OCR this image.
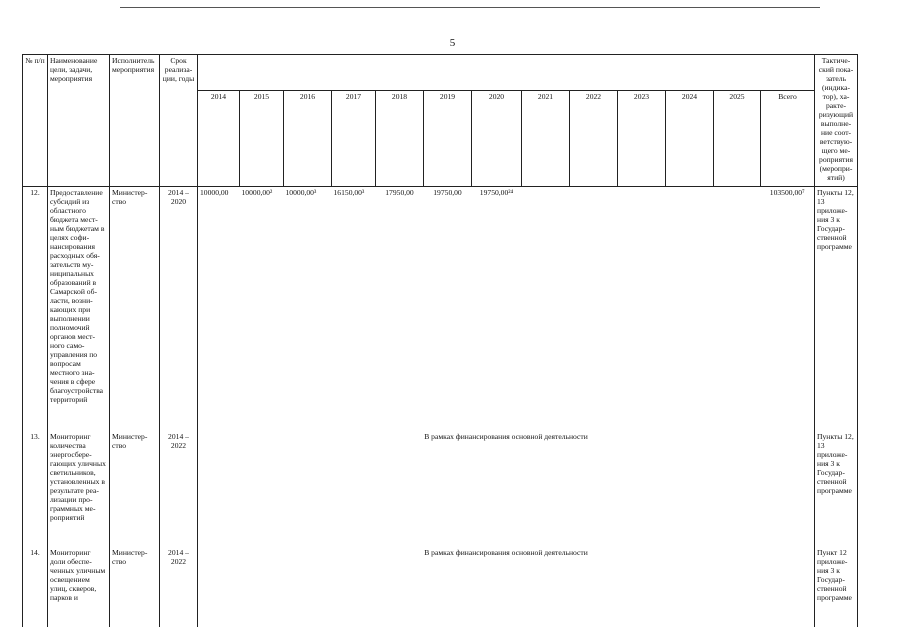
5
№ п/п	Наименование цели, задачи, мероприятия	Исполнитель мероприятия	Срок реализации, годы														Тактический показатель (индикатор), характеризующий выполнение соответствующего мероприятия (мероприятий)
				2014	2015	2016	2017	2018	2019	2020	2021	2022	2023	2024	2025	Всего	
12.	Предоставление субсидий из областного бюджета местным бюджетам в целях софинансирования расходных обязательств муниципальных образований в Самарской области, возникающих при выполнении полномочий органов местного самоуправления по вопросам местного значения в сфере благоустройства территорий	Министерство	2014 – 2020	10000,00	10000,00²	10000,00³	16150,00³	17950,00	19750,00	19750,00²⁴						103500,00⁷	Пункты 12, 13 приложения 3 к Государственной программе
13.	Мониторинг количества энергосберегающих уличных светильников, установленных в результате реализации программных мероприятий	Министерство	2014 – 2022	В рамках финансирования основной деятельности													Пункты 12, 13 приложения 3 к Государственной программе
14.	Мониторинг доли обеспеченных уличным освещением улиц, скверов, парков и	Министерство	2014 – 2022	В рамках финансирования основной деятельности													Пункт 12 приложения 3 к Государственной программе
